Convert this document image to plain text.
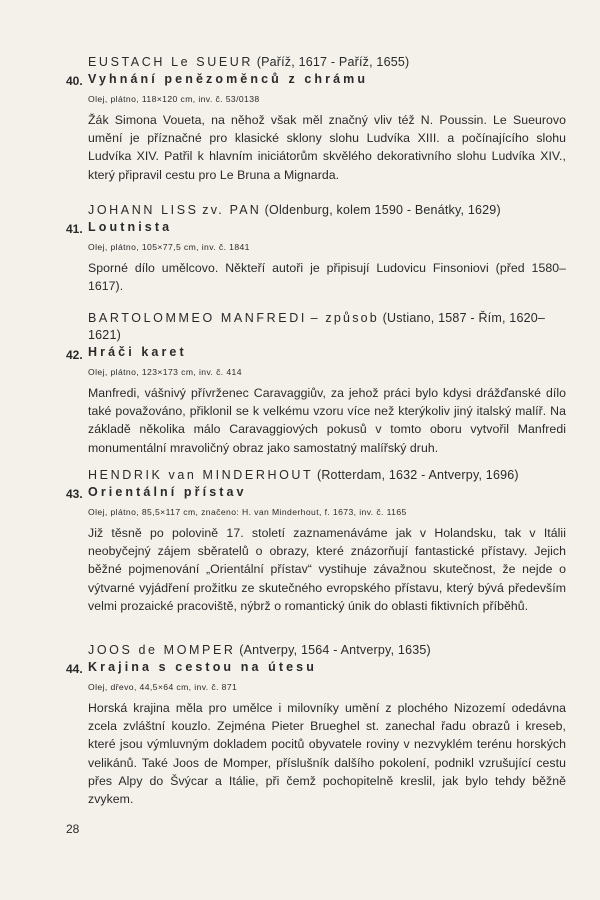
EUSTACH Le SUEUR (Paříž, 1617 - Paříž, 1655)
40. Vyhnání penězoměnců z chrámu
Olej, plátno, 118×120 cm, inv. č. 53/0138
Žák Simona Voueta, na něhož však měl značný vliv též N. Poussin. Le Sueurovo umění je příznačné pro klasické sklony slohu Ludvíka XIII. a počínajícího slohu Ludvíka XIV. Patřil k hlavním iniciátorům skvělého dekorativního slohu Ludvíka XIV., který připravil cestu pro Le Bruna a Mignarda.
JOHANN LISS zv. PAN (Oldenburg, kolem 1590 - Benátky, 1629)
41. Loutnista
Olej, plátno, 105×77,5 cm, inv. č. 1841
Sporné dílo umělcovo. Někteří autoři je připisují Ludovicu Finsoniovi (před 1580–1617).
BARTOLOMMEO MANFREDI – způsob (Ustiano, 1587 - Řím, 1620–1621)
42. Hráči karet
Olej, plátno, 123×173 cm, inv. č. 414
Manfredi, vášnivý přívrženec Caravaggiův, za jehož práci bylo kdysi drážďanské dílo také považováno, přiklonil se k velkému vzoru více než kterýkoliv jiný italský malíř. Na základě několika málo Caravaggiových pokusů v tomto oboru vytvořil Manfredi monumentální mravoličný obraz jako samostatný malířský druh.
HENDRIK van MINDERHOUT (Rotterdam, 1632 - Antverpy, 1696)
43. Orientální přístav
Olej, plátno, 85,5×117 cm, značeno: H. van Minderhout, f. 1673, inv. č. 1165
Již těsně po polovině 17. století zaznamenáváme jak v Holandsku, tak v Itálii neobyčejný zájem sběratelů o obrazy, které znázorňují fantastické přístavy. Jejich běžné pojmenování „Orientální přístav“ vystihuje závažnou skutečnost, že nejde o výtvarné vyjádření prožitku ze skutečného evropského přístavu, který bývá především velmi prozaické pracoviště, nýbrž o romantický únik do oblasti fiktivních příběhů.
JOOS de MOMPER (Antverpy, 1564 - Antverpy, 1635)
44. Krajina s cestou na útesu
Olej, dřevo, 44,5×64 cm, inv. č. 871
Horská krajina měla pro umělce i milovníky umění z plochého Nizozemí odedávna zcela zvláštní kouzlo. Zejména Pieter Brueghel st. zanechal řadu obrazů i kreseb, které jsou výmluvným dokladem pocitů obyvatele roviny v nezvyklém terénu horských velikánů. Také Joos de Momper, příslušník dalšího pokolení, podnikl vzrušující cestu přes Alpy do Švýcar a Itálie, při čemž pochopitelně kreslil, jak bylo tehdy běžně zvykem.
28
